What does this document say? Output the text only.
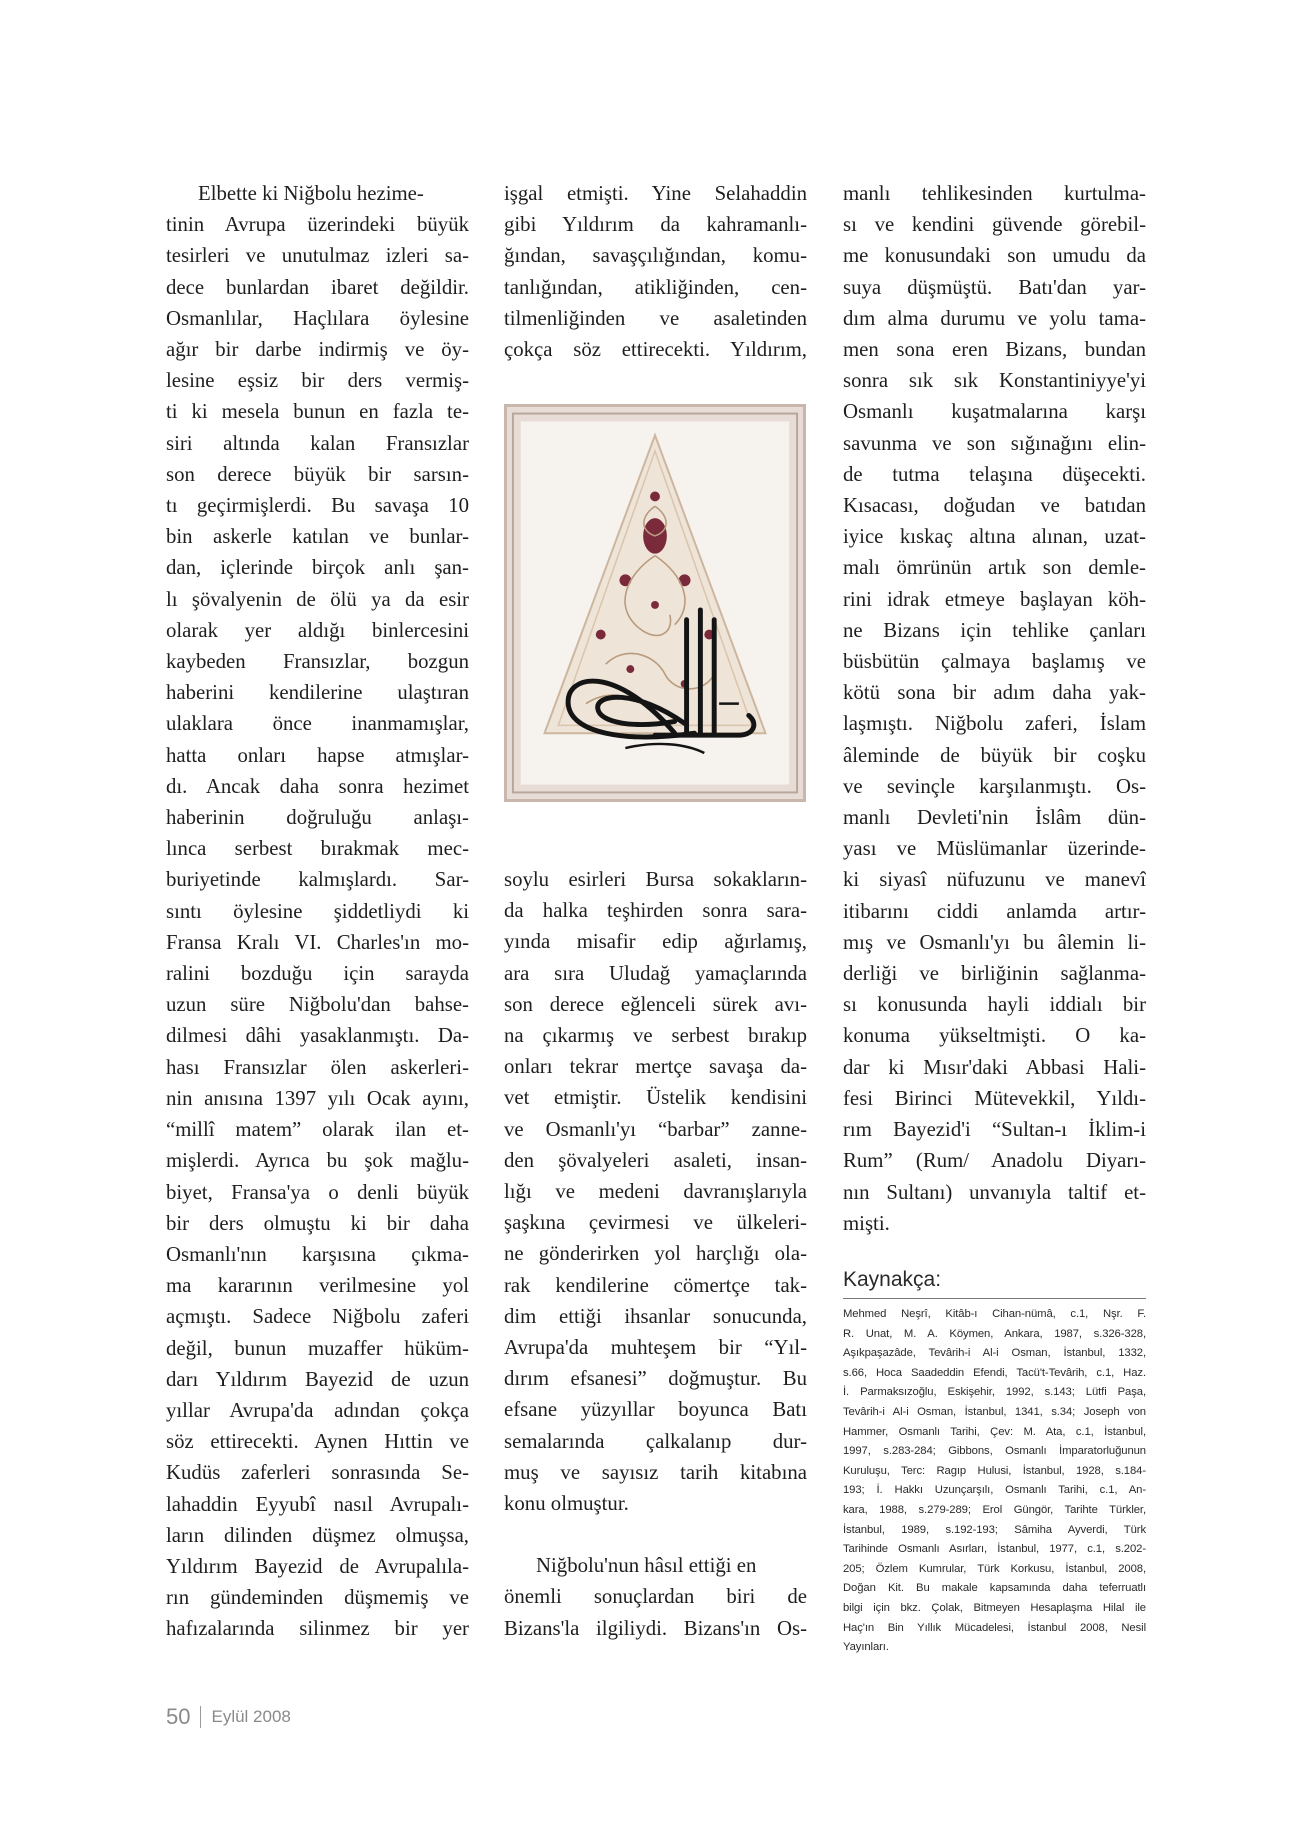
Elbette ki Niğbolu hezime-
tinin Avrupa üzerindeki büyük
tesirleri ve unutulmaz izleri sa-
dece bunlardan ibaret değildir.
Osmanlılar, Haçlılara öylesine
ağır bir darbe indirmiş ve öy-
lesine eşsiz bir ders vermiş-
ti ki mesela bunun en fazla te-
siri altında kalan Fransızlar
son derece büyük bir sarsın-
tı geçirmişlerdi. Bu savaşa 10
bin askerle katılan ve bunlar-
dan, içlerinde birçok anlı şan-
lı şövalyenin de ölü ya da esir
olarak yer aldığı binlercesini
kaybeden Fransızlar, bozgun
haberini kendilerine ulaştıran
ulaklara önce inanmamışlar,
hatta onları hapse atmışlar-
dı. Ancak daha sonra hezimet
haberinin doğruluğu anlaşı-
lınca serbest bırakmak mec-
buriyetinde kalmışlardı. Sar-
sıntı öylesine şiddetliydi ki
Fransa Kralı VI. Charles'ın mo-
ralini bozduğu için sarayda
uzun süre Niğbolu'dan bahse-
dilmesi dâhi yasaklanmıştı. Da-
hası Fransızlar ölen askerleri-
nin anısına 1397 yılı Ocak ayını,
“millî matem” olarak ilan et-
mişlerdi. Ayrıca bu şok mağlu-
biyet, Fransa'ya o denli büyük
bir ders olmuştu ki bir daha
Osmanlı'nın karşısına çıkma-
ma kararının verilmesine yol
açmıştı. Sadece Niğbolu zaferi
değil, bunun muzaffer hüküm-
darı Yıldırım Bayezid de uzun
yıllar Avrupa'da adından çokça
söz ettirecekti. Aynen Hıttin ve
Kudüs zaferleri sonrasında Se-
lahaddin Eyyubî nasıl Avrupalı-
ların dilinden düşmez olmuşsa,
Yıldırım Bayezid de Avrupalıla-
rın gündeminden düşmemiş ve
hafızalarında silinmez bir yer
işgal etmişti. Yine Selahaddin
gibi Yıldırım da kahramanlı-
ğından, savaşçılığından, komu-
tanlığından, atikliğinden, cen-
tilmenliğinden ve asaletinden
çokça söz ettirecekti. Yıldırım,
soylu esirleri Bursa sokakların-
da halka teşhirden sonra sara-
yında misafir edip ağırlamış,
ara sıra Uludağ yamaçlarında
son derece eğlenceli sürek avı-
na çıkarmış ve serbest bırakıp
onları tekrar mertçe savaşa da-
vet etmiştir. Üstelik kendisini
ve Osmanlı'yı “barbar” zanne-
den şövalyeleri asaleti, insan-
lığı ve medeni davranışlarıyla
şaşkına çevirmesi ve ülkeleri-
ne gönderirken yol harçlığı ola-
rak kendilerine cömertçe tak-
dim ettiği ihsanlar sonucunda,
Avrupa'da muhteşem bir “Yıl-
dırım efsanesi” doğmuştur. Bu
efsane yüzyıllar boyunca Batı
semalarında çalkalanıp dur-
muş ve sayısız tarih kitabına
konu olmuştur.
Niğbolu'nun hâsıl ettiği en
önemli sonuçlardan biri de
Bizans'la ilgiliydi. Bizans'ın Os-
manlı tehlikesinden kurtulma-
sı ve kendini güvende görebil-
me konusundaki son umudu da
suya düşmüştü. Batı'dan yar-
dım alma durumu ve yolu tama-
men sona eren Bizans, bundan
sonra sık sık Konstantiniyye'yi
Osmanlı kuşatmalarına karşı
savunma ve son sığınağını elin-
de tutma telaşına düşecekti.
Kısacası, doğudan ve batıdan
iyice kıskaç altına alınan, uzat-
malı ömrünün artık son demle-
rini idrak etmeye başlayan köh-
ne Bizans için tehlike çanları
büsbütün çalmaya başlamış ve
kötü sona bir adım daha yak-
laşmıştı. Niğbolu zaferi, İslam
âleminde de büyük bir coşku
ve sevinçle karşılanmıştı. Os-
manlı Devleti'nin İslâm dün-
yası ve Müslümanlar üzerinde-
ki siyasî nüfuzunu ve manevî
itibarını ciddi anlamda artır-
mış ve Osmanlı'yı bu âlemin li-
derliği ve birliğinin sağlanma-
sı konusunda hayli iddialı bir
konuma yükseltmişti. O ka-
dar ki Mısır'daki Abbasi Hali-
fesi Birinci Mütevekkil, Yıldı-
rım Bayezid'i “Sultan-ı İklim-i
Rum” (Rum/ Anadolu Diyarı-
nın Sultanı) unvanıyla taltif et-
mişti.
Kaynakça:
Mehmed Neşrî, Kitâb-ı Cihan-nümâ, c.1, Nşr. F.
R. Unat, M. A. Köymen, Ankara, 1987, s.326-328,
Aşıkpaşazâde, Tevârih-i Al-i Osman, İstanbul, 1332,
s.66, Hoca Saadeddin Efendi, Tacü't-Tevârih, c.1, Haz.
İ. Parmaksızoğlu, Eskişehir, 1992, s.143; Lütfi Paşa,
Tevârih-i Al-i Osman, İstanbul, 1341, s.34; Joseph von
Hammer, Osmanlı Tarihi, Çev: M. Ata, c.1, İstanbul,
1997, s.283-284; Gibbons, Osmanlı İmparatorluğunun
Kuruluşu, Terc: Ragıp Hulusi, İstanbul, 1928, s.184-
193; İ. Hakkı Uzunçarşılı, Osmanlı Tarihi, c.1, An-
kara, 1988, s.279-289; Erol Güngör, Tarihte Türkler,
İstanbul, 1989, s.192-193; Sâmiha Ayverdi, Türk
Tarihinde Osmanlı Asırları, İstanbul, 1977, c.1, s.202-
205; Özlem Kumrular, Türk Korkusu, İstanbul, 2008,
Doğan Kit. Bu makale kapsamında daha teferruatlı
bilgi için bkz. Çolak, Bitmeyen Hesaplaşma Hilal ile
Haç'ın Bin Yıllık Mücadelesi, İstanbul 2008, Nesil
Yayınları.
50 Eylül 2008
